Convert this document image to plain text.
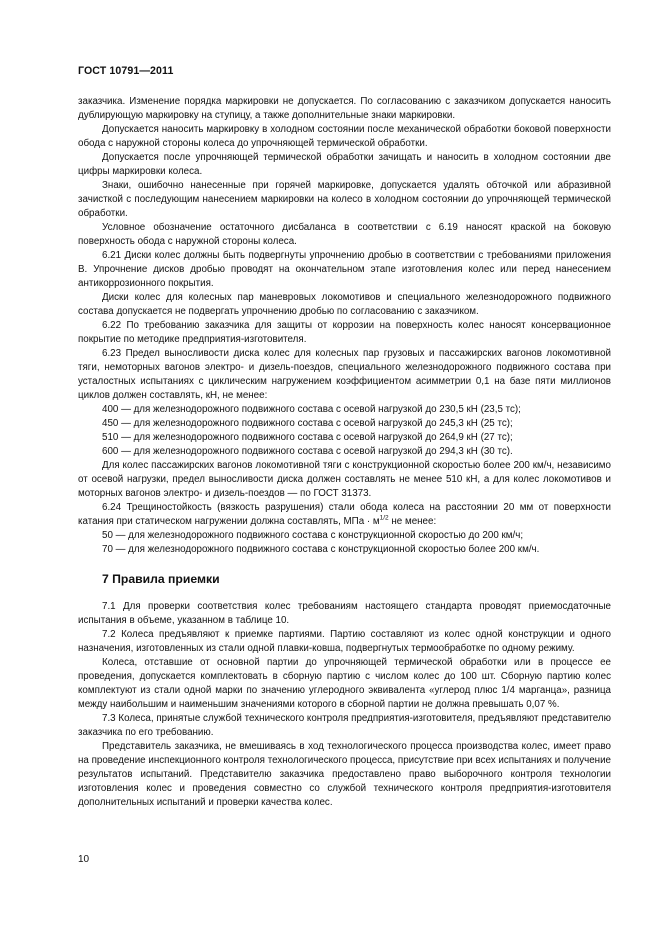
ГОСТ 10791—2011

заказчика. Изменение порядка маркировки не допускается. По согласованию с заказчиком допускается наносить дублирующую маркировку на ступицу, а также дополнительные знаки маркировки.

Допускается наносить маркировку в холодном состоянии после механической обработки боковой поверхности обода с наружной стороны колеса до упрочняющей термической обработки.

Допускается после упрочняющей термической обработки зачищать и наносить в холодном состоянии две цифры маркировки колеса.

Знаки, ошибочно нанесенные при горячей маркировке, допускается удалять обточкой или абразивной зачисткой с последующим нанесением маркировки на колесо в холодном состоянии до упрочняющей термической обработки.

Условное обозначение остаточного дисбаланса в соответствии с 6.19 наносят краской на боковую поверхность обода с наружной стороны колеса.

6.21 Диски колес должны быть подвергнуты упрочнению дробью в соответствии с требованиями приложения В. Упрочнение дисков дробью проводят на окончательном этапе изготовления колес или перед нанесением антикоррозионного покрытия.

Диски колес для колесных пар маневровых локомотивов и специального железнодорожного подвижного состава допускается не подвергать упрочнению дробью по согласованию с заказчиком.

6.22 По требованию заказчика для защиты от коррозии на поверхность колес наносят консервационное покрытие по методике предприятия-изготовителя.

6.23 Предел выносливости диска колес для колесных пар грузовых и пассажирских вагонов локомотивной тяги, немоторных вагонов электро- и дизель-поездов, специального железнодорожного подвижного состава при усталостных испытаниях с циклическим нагружением коэффициентом асимметрии 0,1 на базе пяти миллионов циклов должен составлять, кН, не менее:

400 — для железнодорожного подвижного состава с осевой нагрузкой до 230,5 кН (23,5 тс);

450 — для железнодорожного подвижного состава с осевой нагрузкой до 245,3 кН (25 тс);

510 — для железнодорожного подвижного состава с осевой нагрузкой до 264,9 кН (27 тс);

600 — для железнодорожного подвижного состава с осевой нагрузкой до 294,3 кН (30 тс).

Для колес пассажирских вагонов локомотивной тяги с конструкционной скоростью более 200 км/ч, независимо от осевой нагрузки, предел выносливости диска должен составлять не менее 510 кН, а для колес локомотивов и моторных вагонов электро- и дизель-поездов — по ГОСТ 31373.

6.24 Трещиностойкость (вязкость разрушения) стали обода колеса на расстоянии 20 мм от поверхности катания при статическом нагружении должна составлять, МПа · $м^{1/2}$ не менее:

50 — для железнодорожного подвижного состава с конструкционной скоростью до 200 км/ч;

70 — для железнодорожного подвижного состава с конструкционной скоростью более 200 км/ч.

7 Правила приемки

7.1 Для проверки соответствия колес требованиям настоящего стандарта проводят приемосдаточные испытания в объеме, указанном в таблице 10.

7.2 Колеса предъявляют к приемке партиями. Партию составляют из колес одной конструкции и одного назначения, изготовленных из стали одной плавки-ковша, подвергнутых термообработке по одному режиму.

Колеса, отставшие от основной партии до упрочняющей термической обработки или в процессе ее проведения, допускается комплектовать в сборную партию с числом колес до 100 шт. Сборную партию колес комплектуют из стали одной марки по значению углеродного эквивалента «углерод плюс 1/4 марганца», разница между наибольшим и наименьшим значениями которого в сборной партии не должна превышать 0,07 %.

7.3 Колеса, принятые службой технического контроля предприятия-изготовителя, предъявляют представителю заказчика по его требованию.

Представитель заказчика, не вмешиваясь в ход технологического процесса производства колес, имеет право на проведение инспекционного контроля технологического процесса, присутствие при всех испытаниях и получение результатов испытаний. Представителю заказчика предоставлено право выборочного контроля технологии изготовления колес и проведения совместно со службой технического контроля предприятия-изготовителя дополнительных испытаний и проверки качества колес.

10
